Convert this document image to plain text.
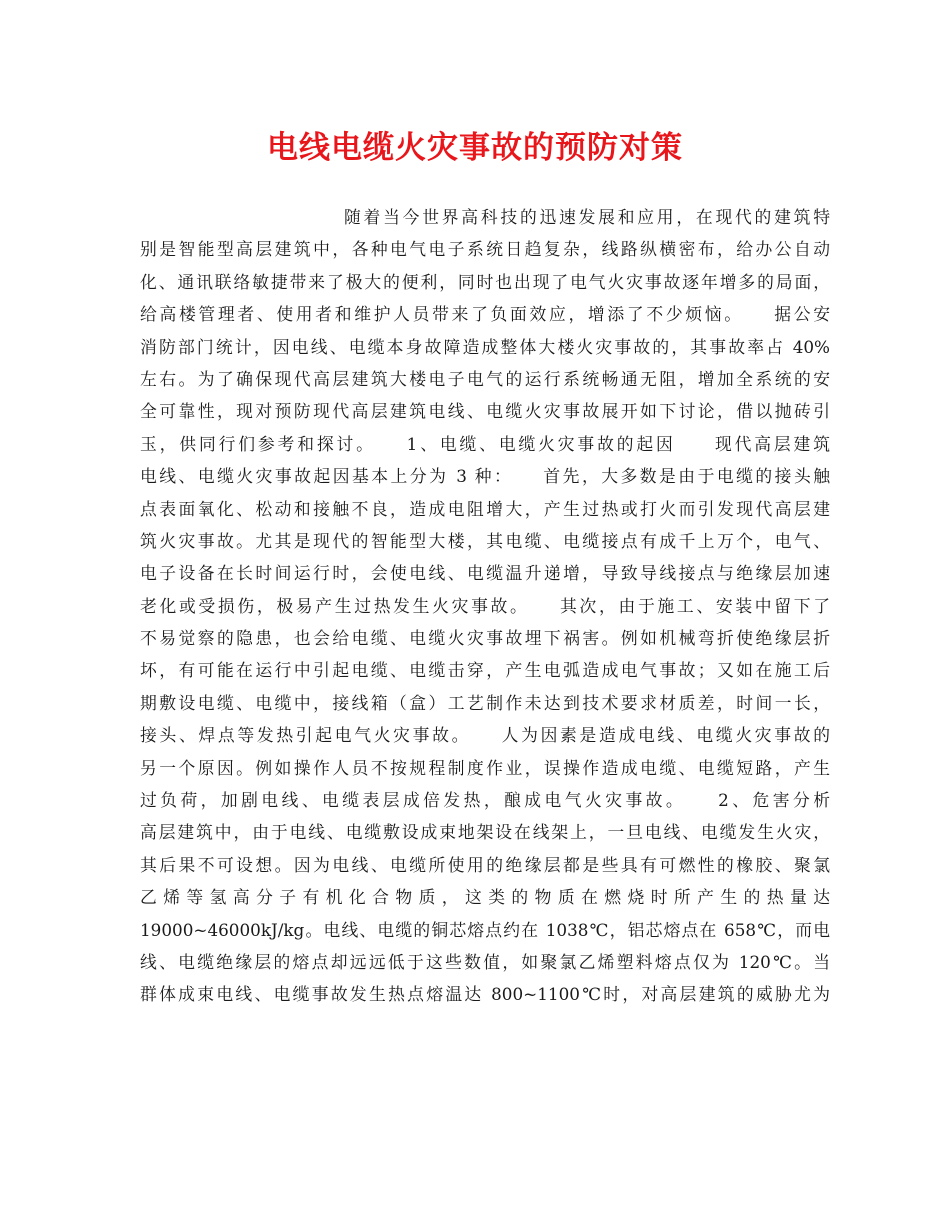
电线电缆火灾事故的预防对策
随着当今世界高科技的迅速发展和应用，在现代的建筑特
别是智能型高层建筑中，各种电气电子系统日趋复杂，线路纵横密布，给办公自动
化、通讯联络敏捷带来了极大的便利，同时也出现了电气火灾事故逐年增多的局面，
给高楼管理者、使用者和维护人员带来了负面效应，增添了不少烦恼。　　据公安
消防部门统计，因电线、电缆本身故障造成整体大楼火灾事故的，其事故率占 40%
左右。为了确保现代高层建筑大楼电子电气的运行系统畅通无阻，增加全系统的安
全可靠性，现对预防现代高层建筑电线、电缆火灾事故展开如下讨论，借以抛砖引
玉，供同行们参考和探讨。　　1、电缆、电缆火灾事故的起因　　现代高层建筑
电线、电缆火灾事故起因基本上分为 3 种：　　首先，大多数是由于电缆的接头触
点表面氧化、松动和接触不良，造成电阻增大，产生过热或打火而引发现代高层建
筑火灾事故。尤其是现代的智能型大楼，其电缆、电缆接点有成千上万个，电气、
电子设备在长时间运行时，会使电线、电缆温升递增，导致导线接点与绝缘层加速
老化或受损伤，极易产生过热发生火灾事故。　　其次，由于施工、安装中留下了
不易觉察的隐患，也会给电缆、电缆火灾事故埋下祸害。例如机械弯折使绝缘层折
坏，有可能在运行中引起电缆、电缆击穿，产生电弧造成电气事故；又如在施工后
期敷设电缆、电缆中，接线箱（盒）工艺制作未达到技术要求材质差，时间一长，
接头、焊点等发热引起电气火灾事故。　　人为因素是造成电线、电缆火灾事故的
另一个原因。例如操作人员不按规程制度作业，误操作造成电缆、电缆短路，产生
过负荷，加剧电线、电缆表层成倍发热，酿成电气火灾事故。　　2、危害分析
高层建筑中，由于电线、电缆敷设成束地架设在线架上，一旦电线、电缆发生火灾，
其后果不可设想。因为电线、电缆所使用的绝缘层都是些具有可燃性的橡胶、聚氯
乙烯等氢高分子有机化合物质，这类的物质在燃烧时所产生的热量达
19000~46000kJ/kg。电线、电缆的铜芯熔点约在 1038℃，铝芯熔点在 658℃，而电
线、电缆绝缘层的熔点却远远低于这些数值，如聚氯乙烯塑料熔点仅为 120℃。当
群体成束电线、电缆事故发生热点熔温达 800~1100℃时，对高层建筑的威胁尤为
